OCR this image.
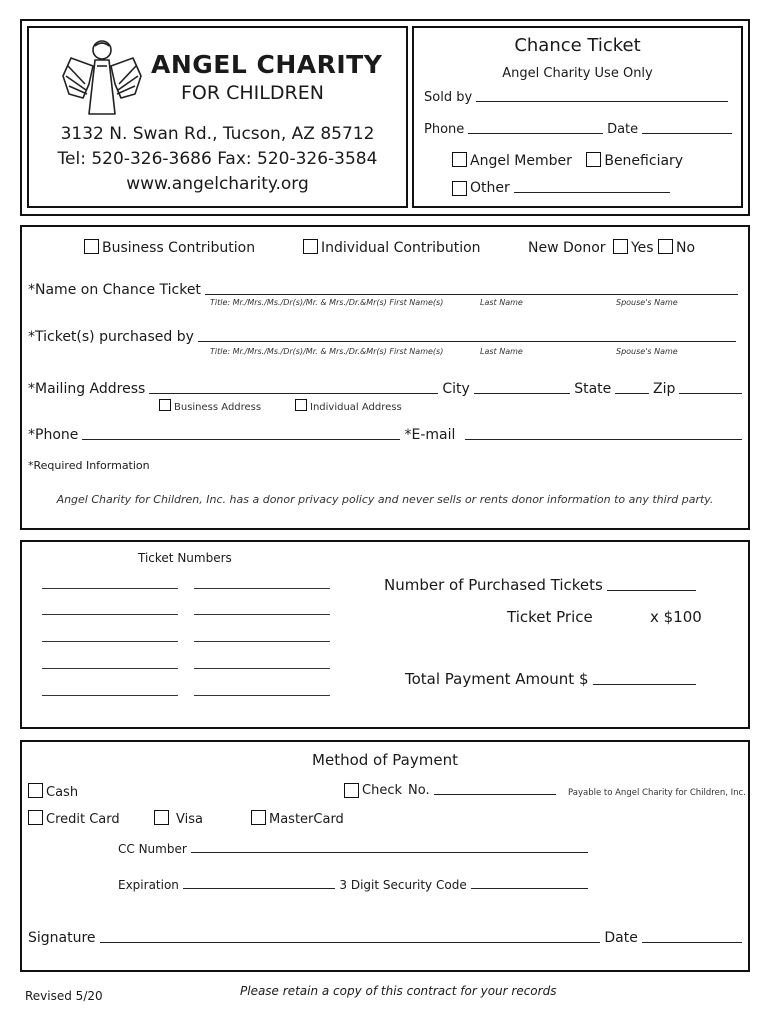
ANGEL CHARITY
FOR CHILDREN
3132 N. Swan Rd., Tucson, AZ 85712
Tel: 520-326-3686 Fax: 520-326-3584
www.angelcharity.org
Chance Ticket
Angel Charity Use Only
Sold by
Phone	Date
Angel Member Beneficiary
Other
Business Contribution	Individual Contribution	New Donor Yes No
*Name on Chance Ticket
Title: Mr./Mrs./Ms./Dr(s)/Mr. & Mrs./Dr.&Mr(s) First Name(s)	Last Name	Spouse's Name
*Ticket(s) purchased by
Title: Mr./Mrs./Ms./Dr(s)/Mr. & Mrs./Dr.&Mr(s) First Name(s)	Last Name	Spouse's Name
*Mailing Address	City	State	Zip
Business Address	Individual Address
*Phone	*E-mail
*Required Information
Angel Charity for Children, Inc. has a donor privacy policy and never sells or rents donor information to any third party.
Ticket Numbers
Number of Purchased Tickets
Ticket Price	x $100
Total Payment Amount $
Method of Payment
Cash	Check No.	Payable to Angel Charity for Children, Inc.
Credit Card	Visa	MasterCard
CC Number
Expiration	3 Digit Security Code
Signature	Date
Revised 5/20	Please retain a copy of this contract for your records
